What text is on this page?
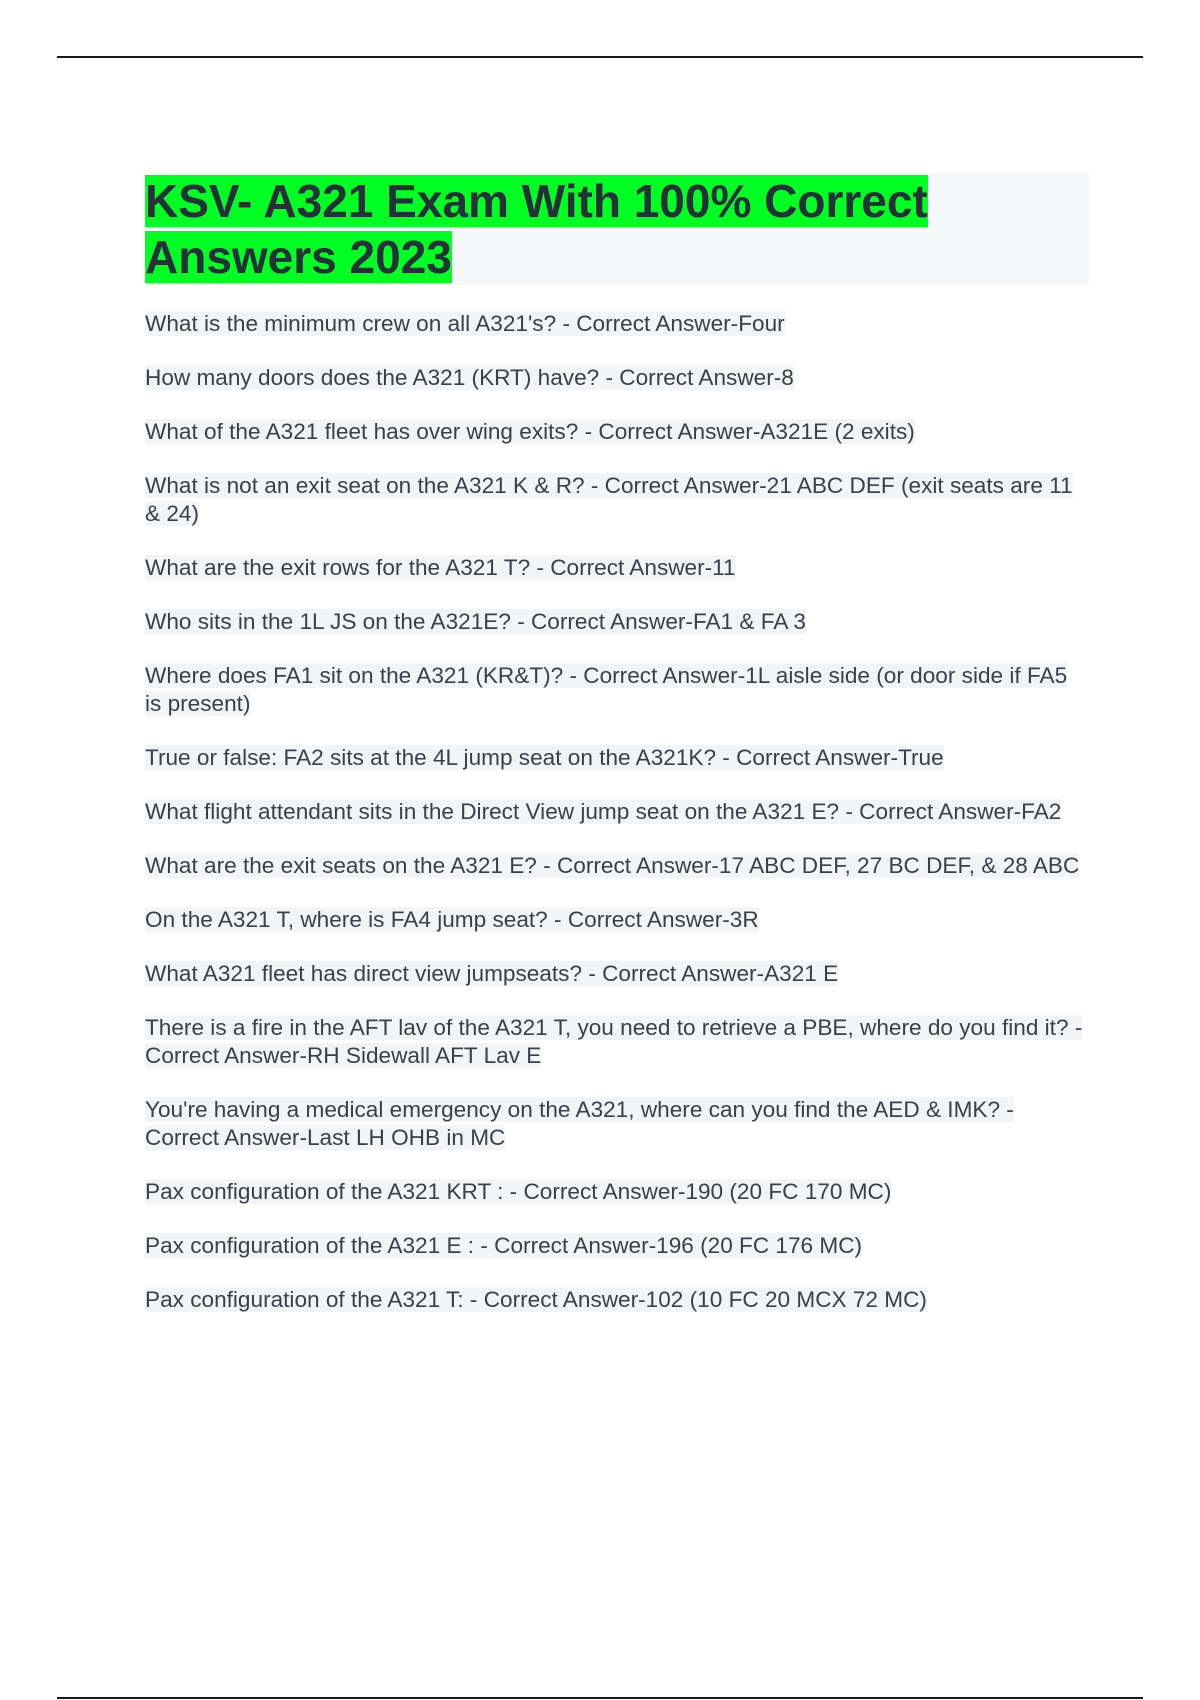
KSV- A321 Exam With 100% Correct Answers 2023
What is the minimum crew on all A321's? - Correct Answer-Four
How many doors does the A321 (KRT) have? - Correct Answer-8
What of the A321 fleet has over wing exits? - Correct Answer-A321E (2 exits)
What is not an exit seat on the A321 K & R? - Correct Answer-21 ABC DEF (exit seats are 11 & 24)
What are the exit rows for the A321 T? - Correct Answer-11
Who sits in the 1L JS on the A321E? - Correct Answer-FA1 & FA 3
Where does FA1 sit on the A321 (KR&T)? - Correct Answer-1L aisle side (or door side if FA5 is present)
True or false: FA2 sits at the 4L jump seat on the A321K? - Correct Answer-True
What flight attendant sits in the Direct View jump seat on the A321 E? - Correct Answer-FA2
What are the exit seats on the A321 E? - Correct Answer-17 ABC DEF, 27 BC DEF, & 28 ABC
On the A321 T, where is FA4 jump seat? - Correct Answer-3R
What A321 fleet has direct view jumpseats? - Correct Answer-A321 E
There is a fire in the AFT lav of the A321 T, you need to retrieve a PBE, where do you find it? - Correct Answer-RH Sidewall AFT Lav E
You're having a medical emergency on the A321, where can you find the AED & IMK? - Correct Answer-Last LH OHB in MC
Pax configuration of the A321 KRT : - Correct Answer-190 (20 FC 170 MC)
Pax configuration of the A321 E : - Correct Answer-196 (20 FC 176 MC)
Pax configuration of the A321 T: - Correct Answer-102 (10 FC 20 MCX 72 MC)
